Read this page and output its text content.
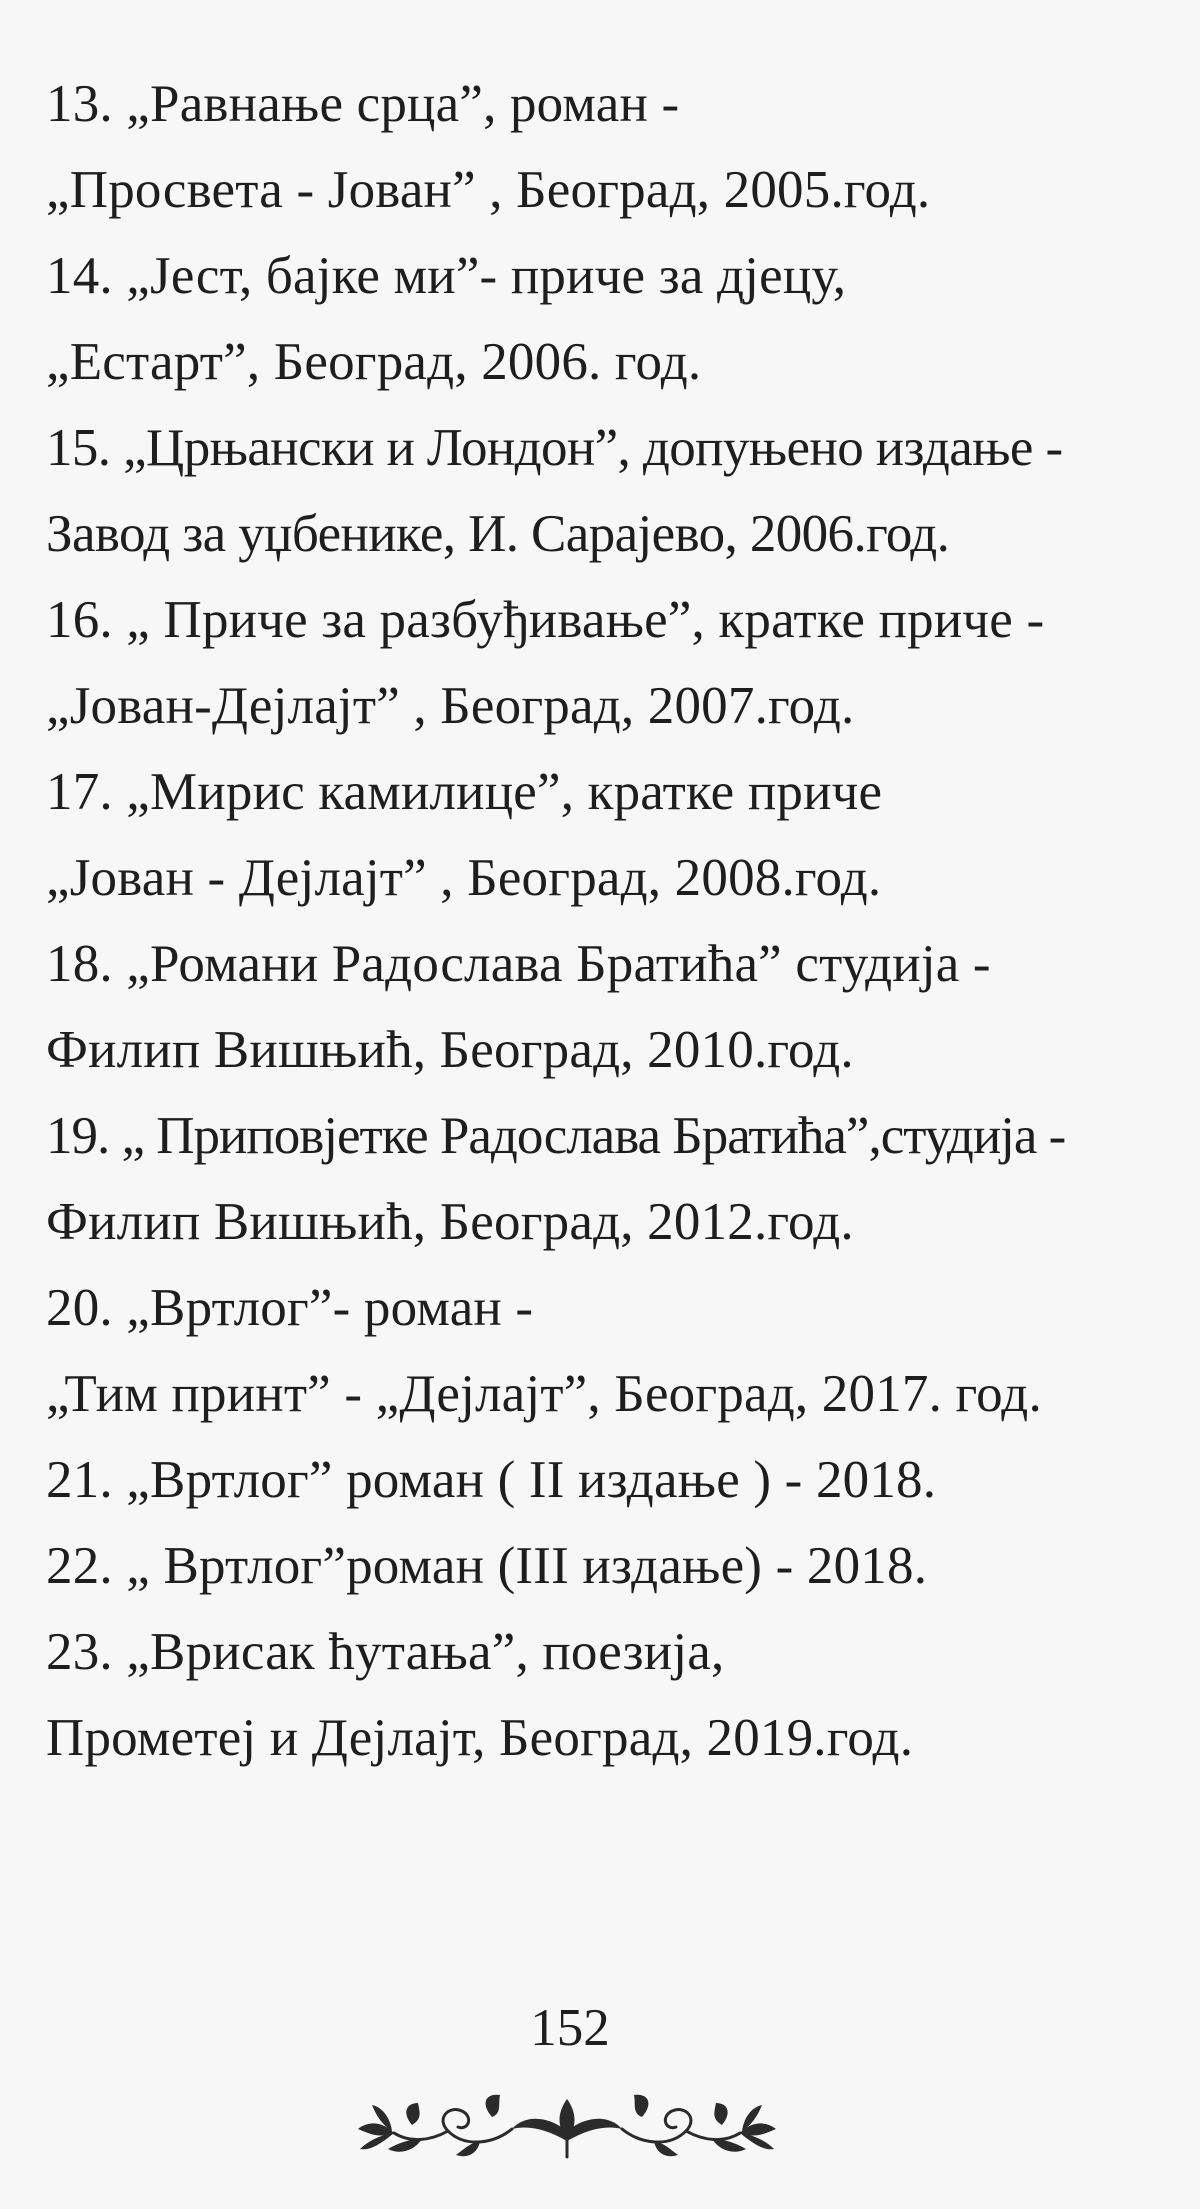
13. „Равнање срца”, роман -
„Просвета - Јован” , Београд, 2005.год.
14. „Јест, бајке ми”- приче за дјецу,
„Естарт”, Београд, 2006. год.
15. „Црњански и Лондон”, допуњено издање -
Завод за уџбенике, И. Сарајево, 2006.год.
16. „ Приче за разбуђивање”, кратке приче -
„Јован-Дејлајт” , Београд, 2007.год.
17. „Мирис камилице”, кратке приче
„Јован - Дејлајт” , Београд, 2008.год.
18. „Романи Радослава Братића” студија -
Филип Вишњић, Београд, 2010.год.
19. „ Приповјетке Радослава Братића”,студија -
Филип Вишњић, Београд, 2012.год.
20. „Вртлог”- роман -
„Тим принт” - „Дејлајт”, Београд, 2017. год.
21. „Вртлог” роман ( II издање ) - 2018.
22. „ Вртлог”роман (III издање) - 2018.
23. „Врисак ћутања”, поезија,
Прометеј и Дејлајт, Београд, 2019.год.
152
